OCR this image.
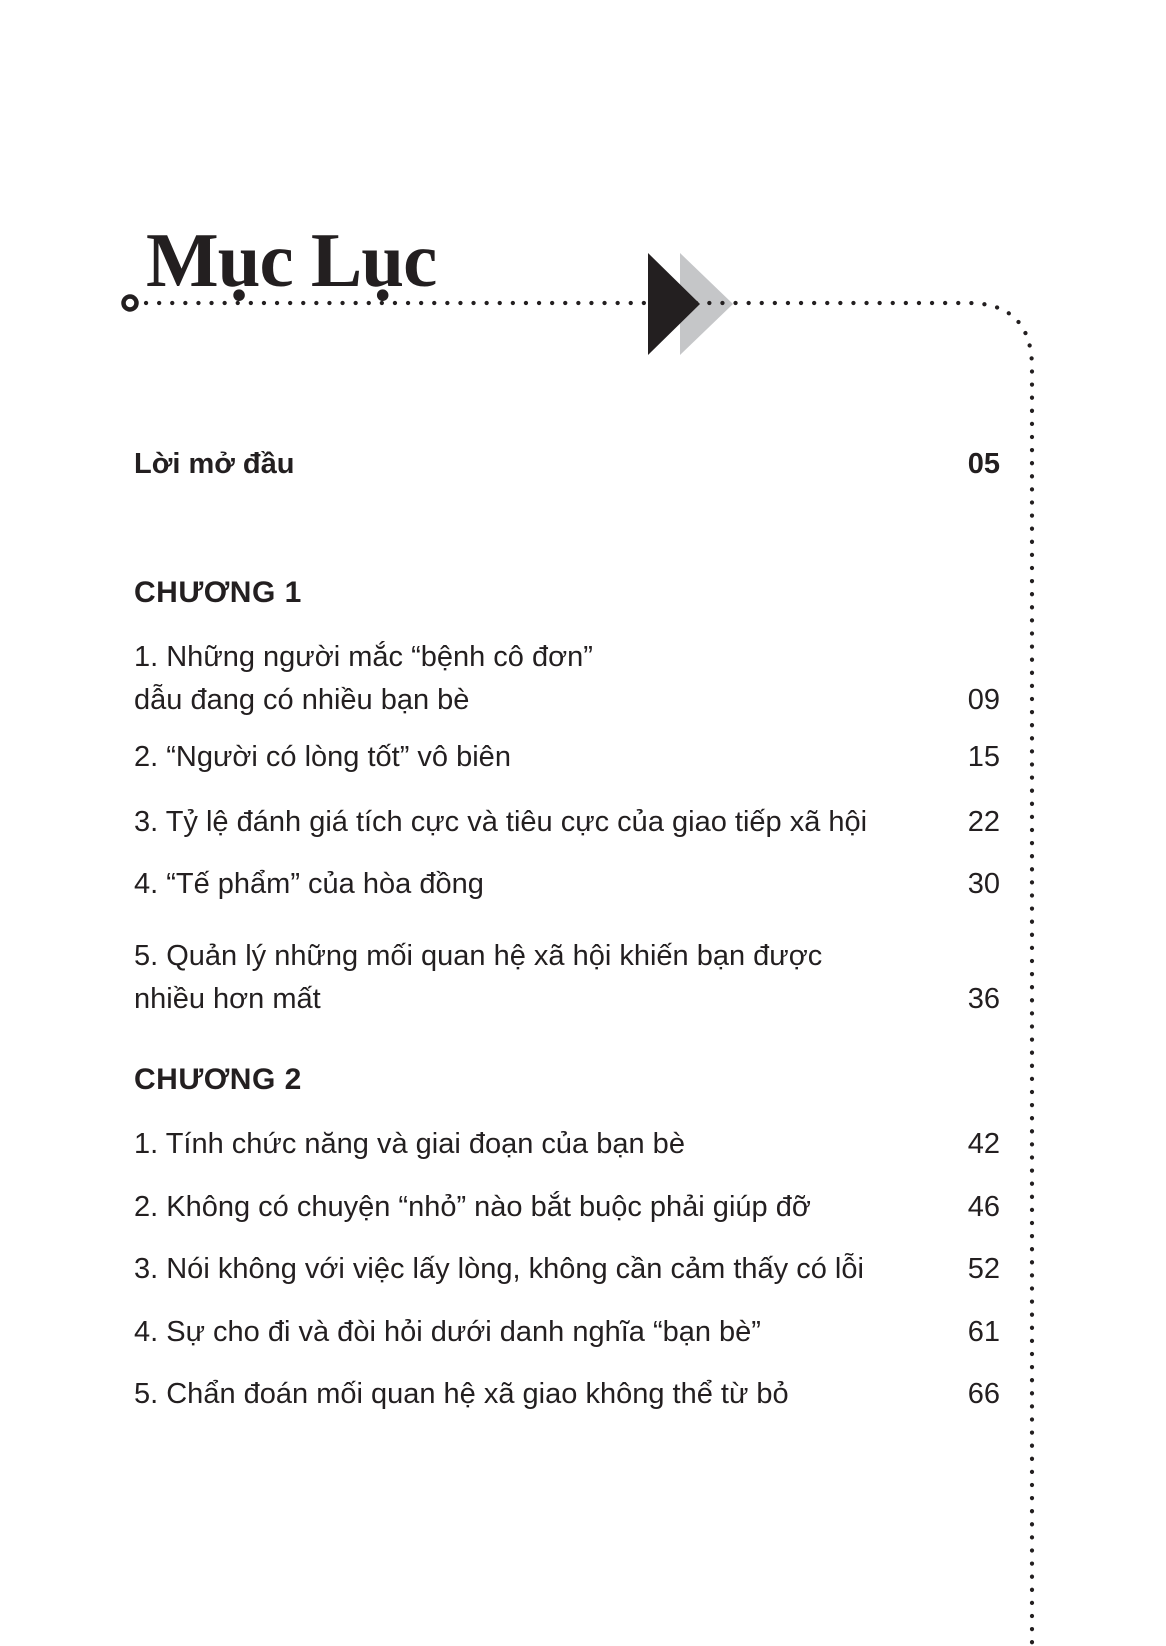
Mục Lục
Lời mở đầu	05
CHƯƠNG 1
1. Những người mắc “bệnh cô đơn”
dẫu đang có nhiều bạn bè	09
2. “Người có lòng tốt” vô biên	15
3. Tỷ lệ đánh giá tích cực và tiêu cực của giao tiếp xã hội	22
4. “Tế phẩm” của hòa đồng	30
5. Quản lý những mối quan hệ xã hội khiến bạn được
nhiều hơn mất	36
CHƯƠNG 2
1. Tính chức năng và giai đoạn của bạn bè	42
2. Không có chuyện “nhỏ” nào bắt buộc phải giúp đỡ	46
3. Nói không với việc lấy lòng, không cần cảm thấy có lỗi	52
4. Sự cho đi và đòi hỏi dưới danh nghĩa “bạn bè”	61
5. Chẩn đoán mối quan hệ xã giao không thể từ bỏ	66
